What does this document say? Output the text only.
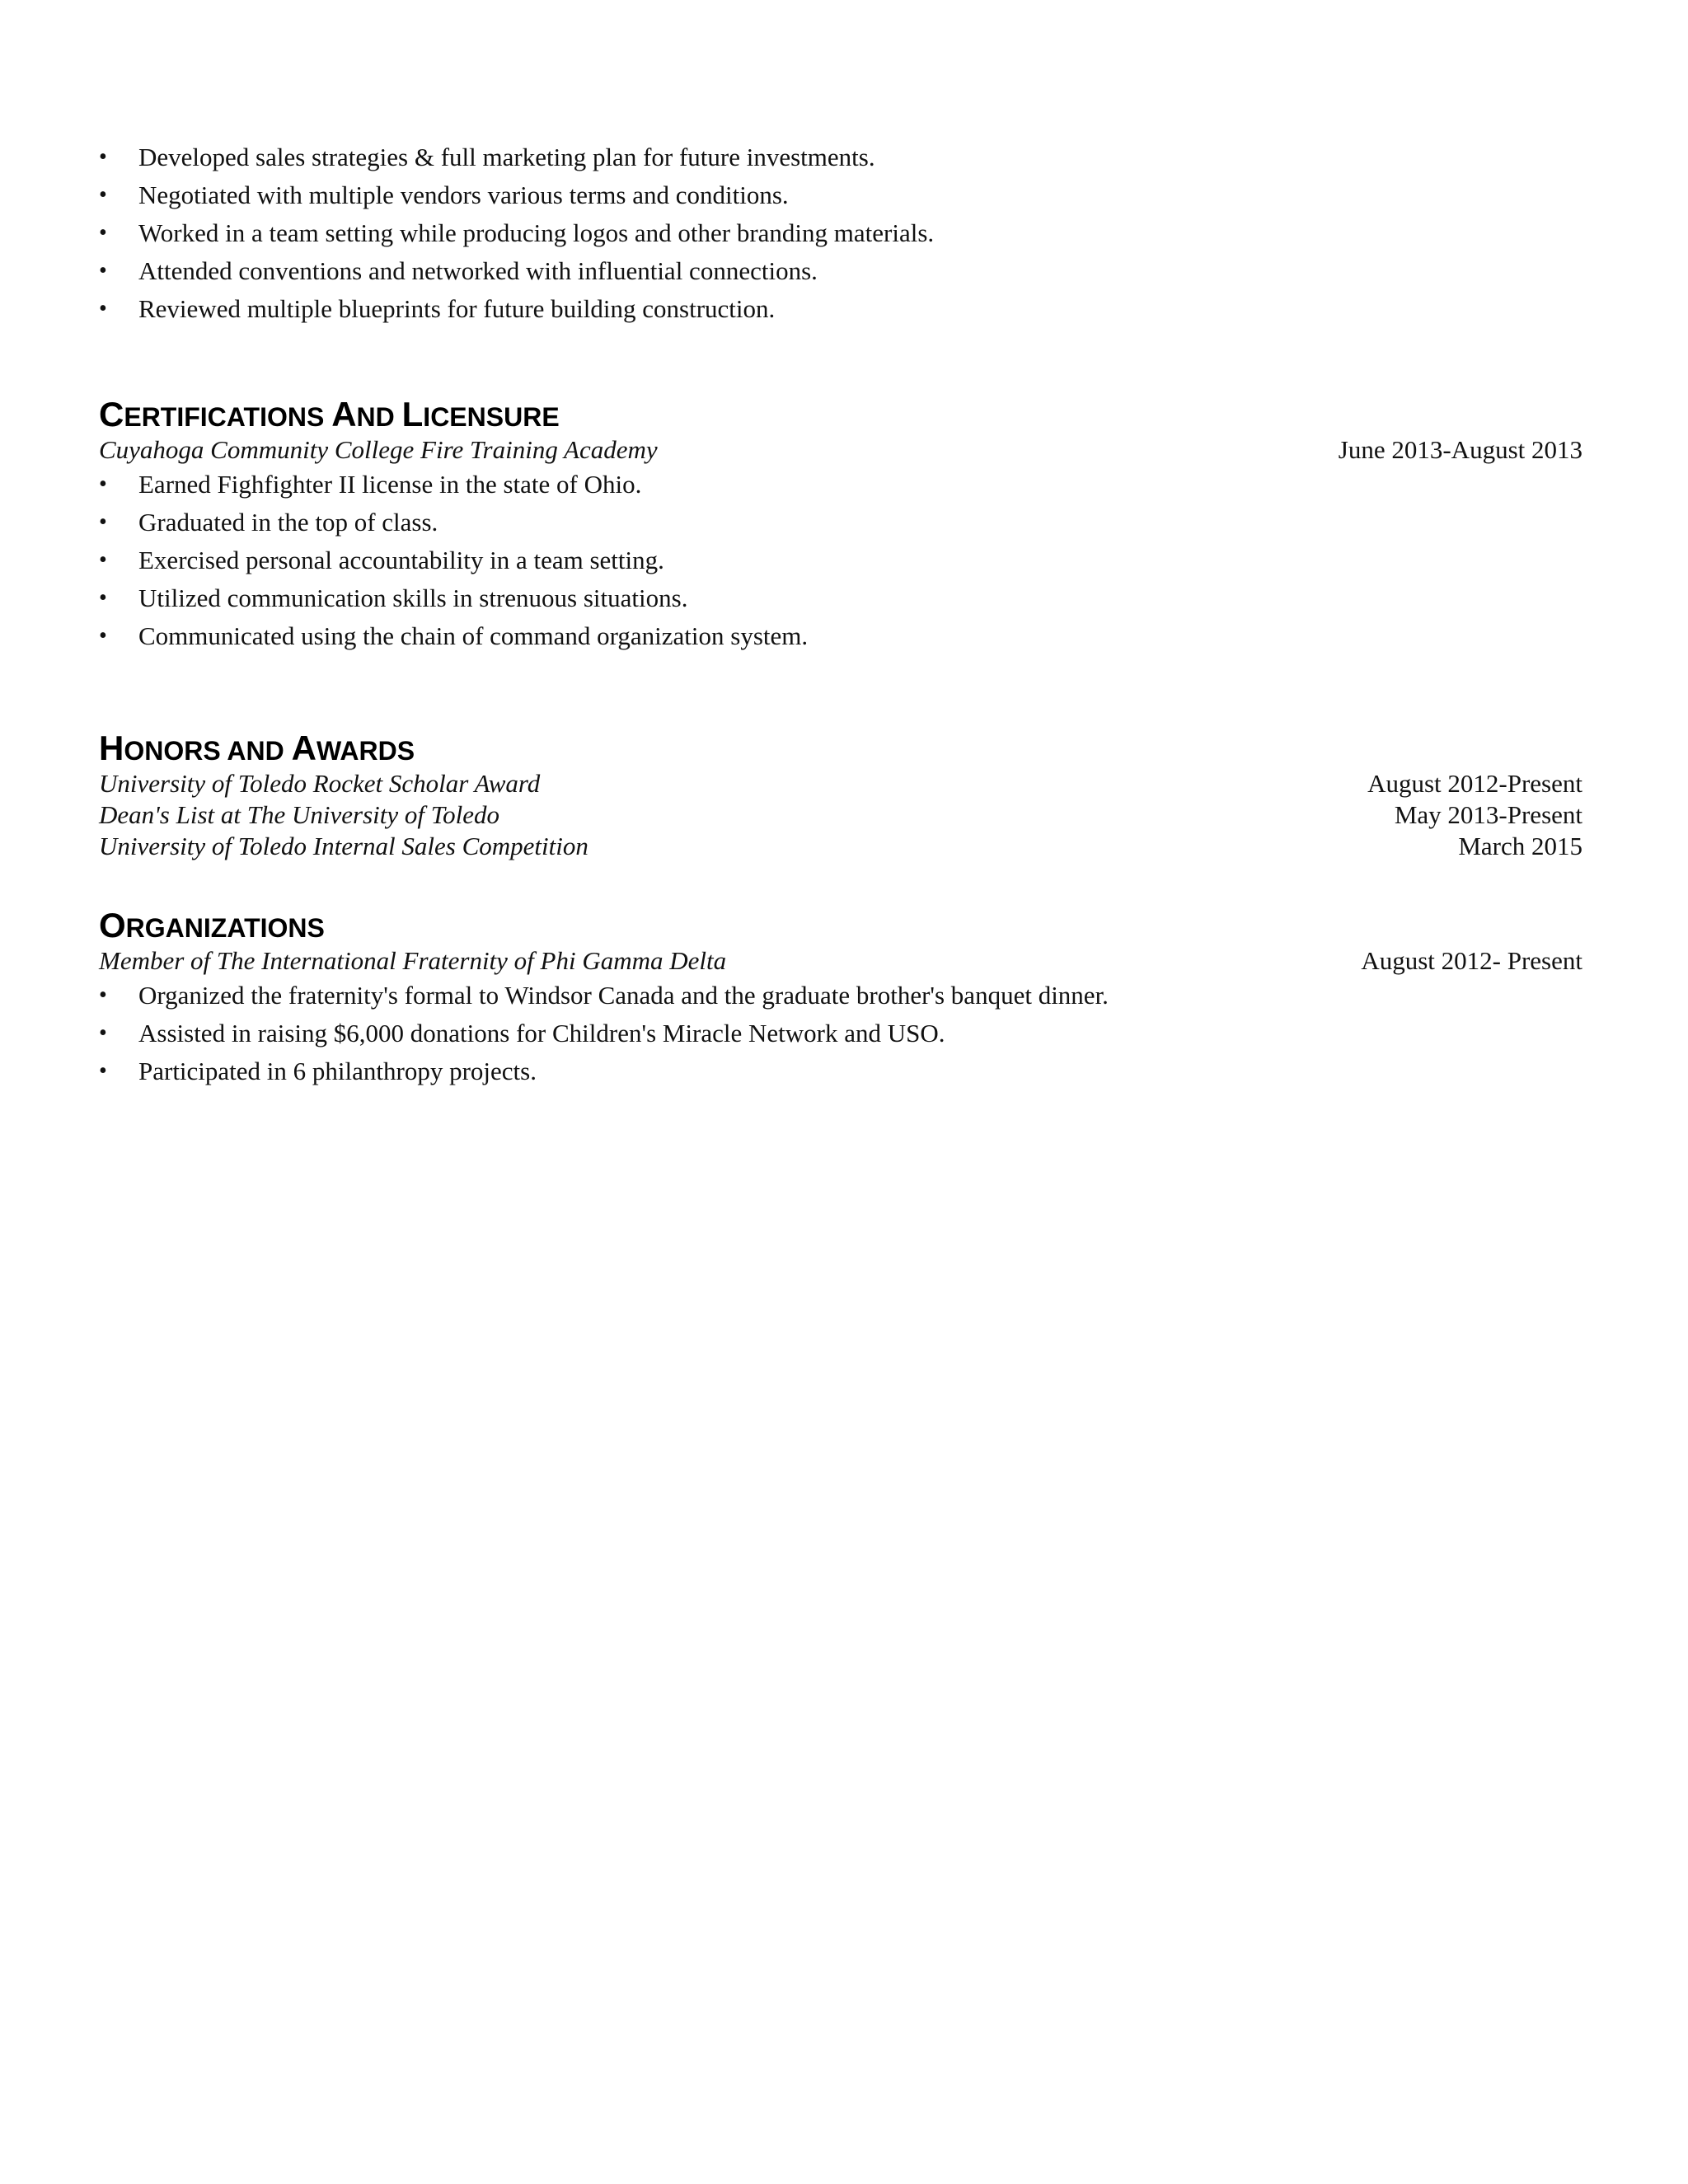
•	Developed sales strategies & full marketing plan for future investments.
•	Negotiated with multiple vendors various terms and conditions.
•	Worked in a team setting while producing logos and other branding materials.
•	Attended conventions and networked with influential connections.
•	Reviewed multiple blueprints for future building construction.
CERTIFICATIONS AND LICENSURE
Cuyahoga Community College Fire Training Academy	June 2013-August 2013
•	Earned Fighfighter II license in the state of Ohio.
•	Graduated in the top of class.
•	Exercised personal accountability in a team setting.
•	Utilized communication skills in strenuous situations.
•	Communicated using the chain of command organization system.
HONORS AND AWARDS
University of Toledo Rocket Scholar Award	August 2012-Present
Dean's List at The University of Toledo	May 2013-Present
University of Toledo Internal Sales Competition	March 2015
ORGANIZATIONS
Member of The International Fraternity of Phi Gamma Delta	August 2012- Present
•	Organized the fraternity's formal to Windsor Canada and the graduate brother's banquet dinner.
•	Assisted in raising $6,000 donations for Children's Miracle Network and USO.
•	Participated in 6 philanthropy projects.
